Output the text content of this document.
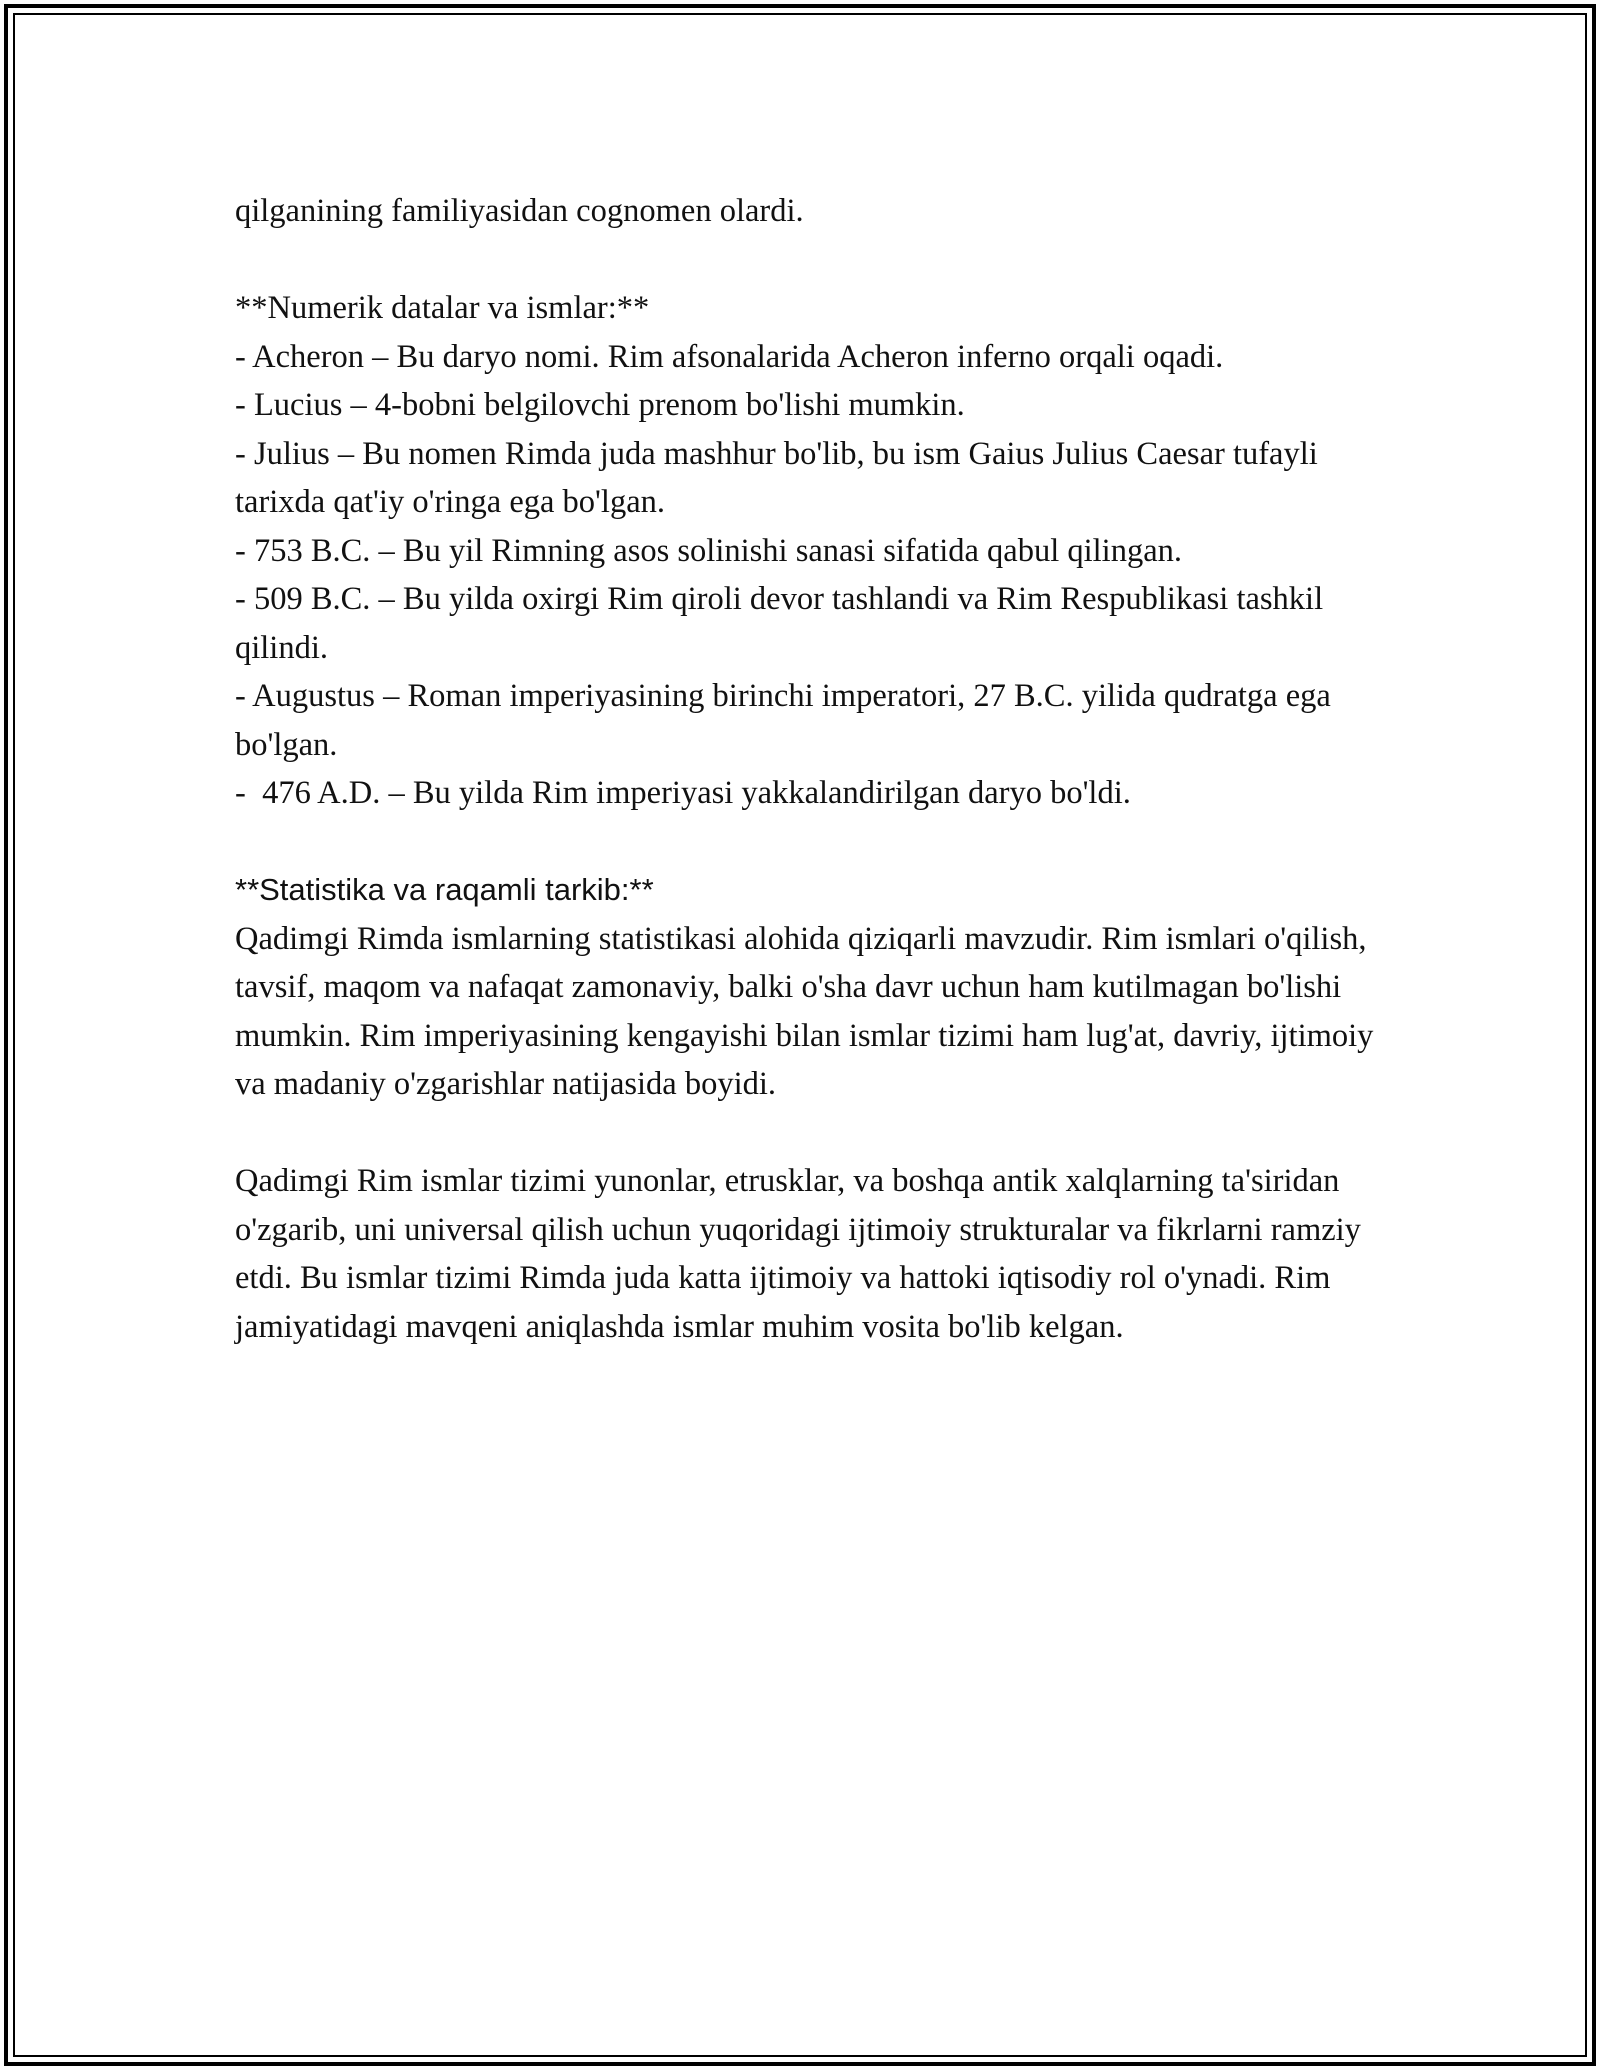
qilganining familiyasidan cognomen olardi.
**Numerik datalar va ismlar:**
- Acheron – Bu daryo nomi. Rim afsonalarida Acheron inferno orqali oqadi.
- Lucius – 4-bobni belgilovchi prenom bo'lishi mumkin.
- Julius – Bu nomen Rimda juda mashhur bo'lib, bu ism Gaius Julius Caesar tufayli tarixda qat'iy o'ringa ega bo'lgan.
- 753 B.C. – Bu yil Rimning asos solinishi sanasi sifatida qabul qilingan.
- 509 B.C. – Bu yilda oxirgi Rim qiroli devor tashlandi va Rim Respublikasi tashkil qilindi.
- Augustus – Roman imperiyasining birinchi imperatori, 27 B.C. yilida qudratga ega bo'lgan.
-  476 A.D. – Bu yilda Rim imperiyasi yakkalandirilgan daryo bo'ldi.
**Statistika va raqamli tarkib:**
Qadimgi Rimda ismlarning statistikasi alohida qiziqarli mavzudir. Rim ismlari o'qilish, tavsif, maqom va nafaqat zamonaviy, balki o'sha davr uchun ham kutilmagan bo'lishi mumkin. Rim imperiyasining kengayishi bilan ismlar tizimi ham lug'at, davriy, ijtimoiy va madaniy o'zgarishlar natijasida boyidi.
Qadimgi Rim ismlar tizimi yunonlar, etrusklar, va boshqa antik xalqlarning ta'siridan o'zgarib, uni universal qilish uchun yuqoridagi ijtimoiy strukturalar va fikrlarni ramziy etdi. Bu ismlar tizimi Rimda juda katta ijtimoiy va hattoki iqtisodiy rol o'ynadi. Rim jamiyatidagi mavqeni aniqlashda ismlar muhim vosita bo'lib kelgan.
